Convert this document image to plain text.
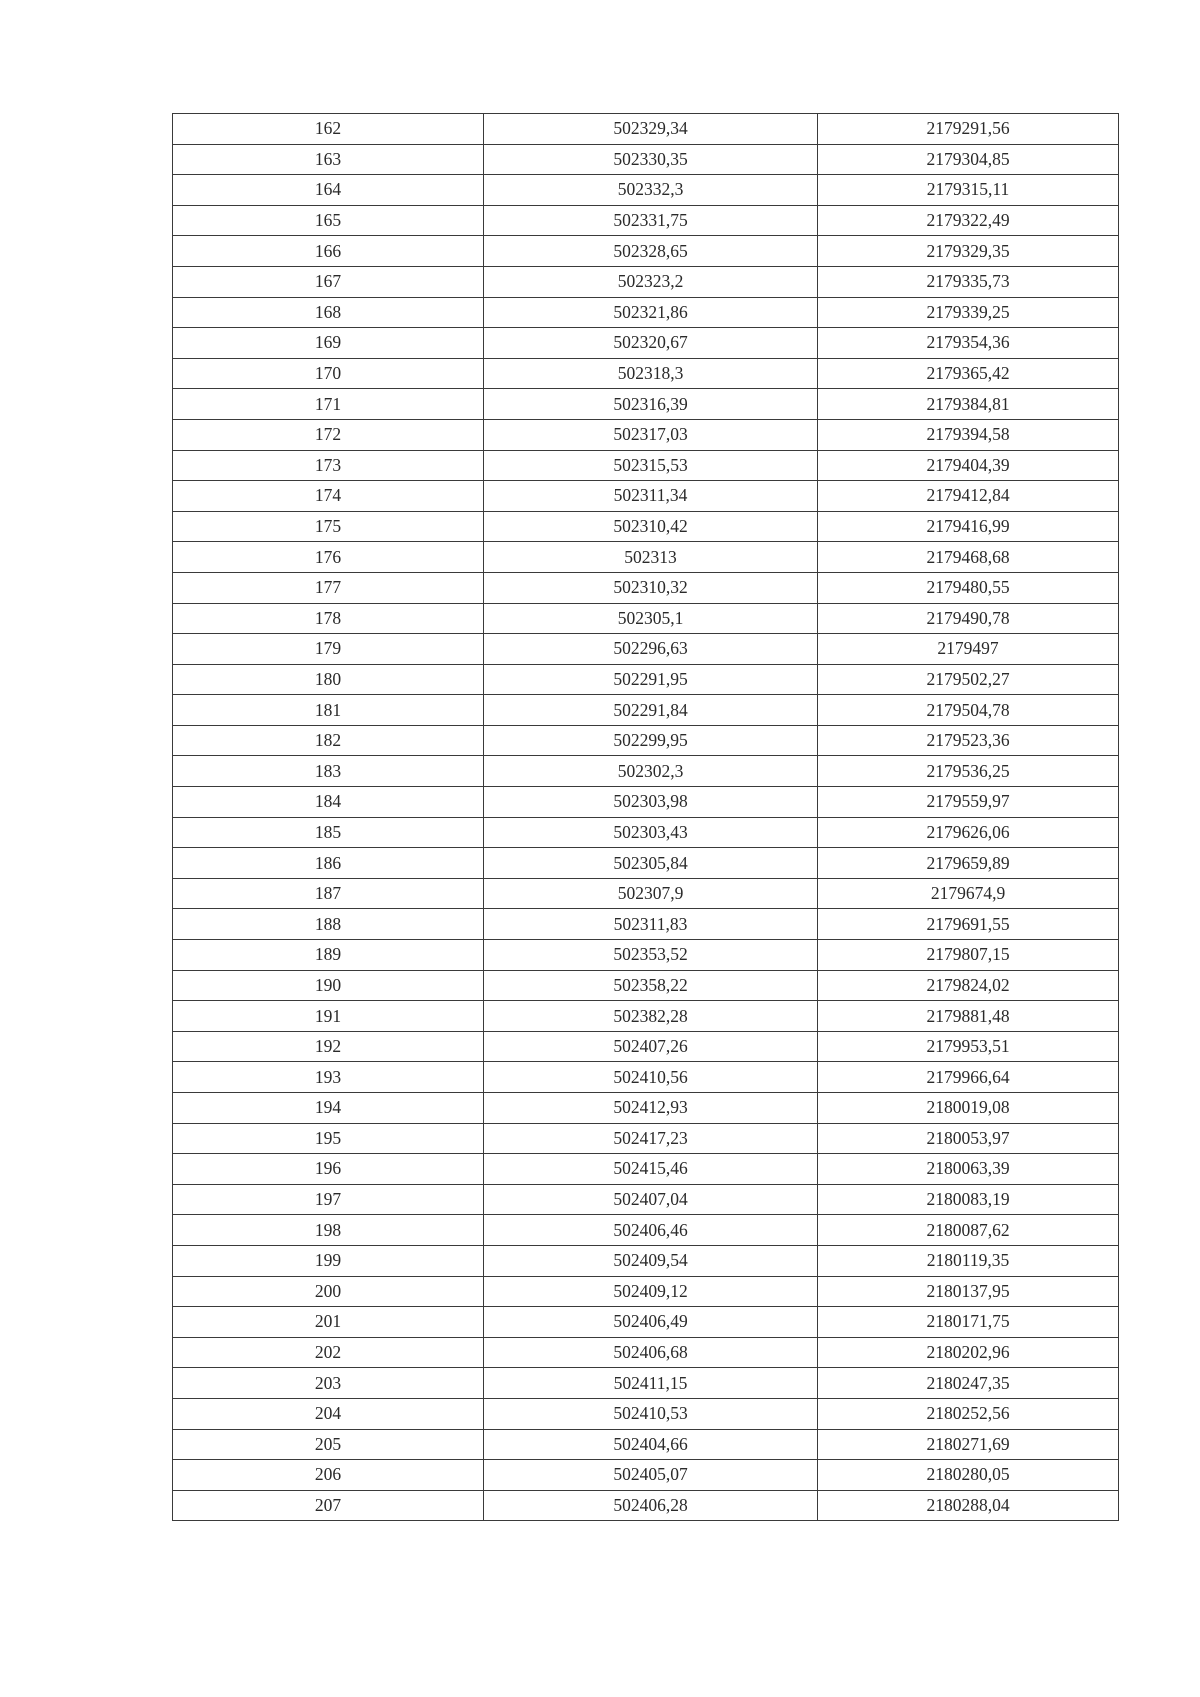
162	502329,34	2179291,56
163	502330,35	2179304,85
164	502332,3	2179315,11
165	502331,75	2179322,49
166	502328,65	2179329,35
167	502323,2	2179335,73
168	502321,86	2179339,25
169	502320,67	2179354,36
170	502318,3	2179365,42
171	502316,39	2179384,81
172	502317,03	2179394,58
173	502315,53	2179404,39
174	502311,34	2179412,84
175	502310,42	2179416,99
176	502313	2179468,68
177	502310,32	2179480,55
178	502305,1	2179490,78
179	502296,63	2179497
180	502291,95	2179502,27
181	502291,84	2179504,78
182	502299,95	2179523,36
183	502302,3	2179536,25
184	502303,98	2179559,97
185	502303,43	2179626,06
186	502305,84	2179659,89
187	502307,9	2179674,9
188	502311,83	2179691,55
189	502353,52	2179807,15
190	502358,22	2179824,02
191	502382,28	2179881,48
192	502407,26	2179953,51
193	502410,56	2179966,64
194	502412,93	2180019,08
195	502417,23	2180053,97
196	502415,46	2180063,39
197	502407,04	2180083,19
198	502406,46	2180087,62
199	502409,54	2180119,35
200	502409,12	2180137,95
201	502406,49	2180171,75
202	502406,68	2180202,96
203	502411,15	2180247,35
204	502410,53	2180252,56
205	502404,66	2180271,69
206	502405,07	2180280,05
207	502406,28	2180288,04
